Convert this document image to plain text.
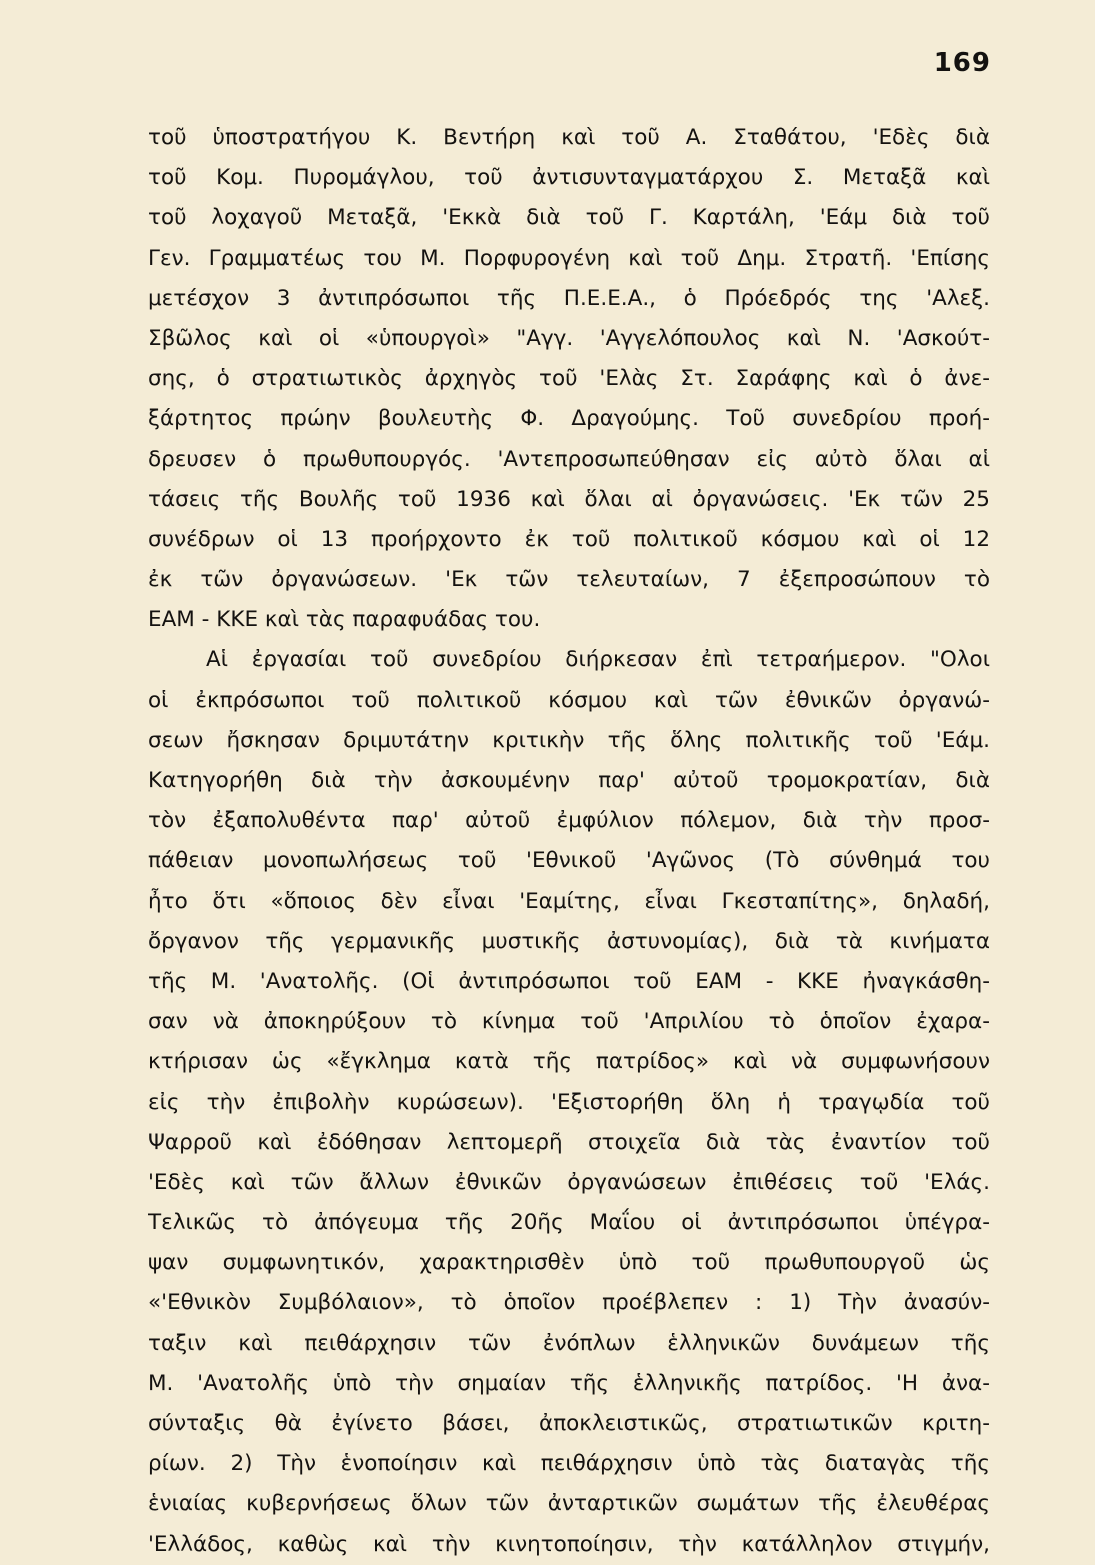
169
τοῦ ὑποστρατήγου Κ. Βεντήρη καὶ τοῦ Α. Σταθάτου, 'Εδὲς διὰ
τοῦ Κομ. Πυρομάγλου, τοῦ ἀντισυνταγματάρχου Σ. Μεταξᾶ καὶ
τοῦ λοχαγοῦ Μεταξᾶ, 'Εκκὰ διὰ τοῦ Γ. Καρτάλη, 'Εάμ διὰ τοῦ
Γεν. Γραμματέως του Μ. Πορφυρογένη καὶ τοῦ Δημ. Στρατῆ. 'Επίσης
μετέσχον 3 ἀντιπρόσωποι τῆς Π.Ε.Ε.Α., ὁ Πρόεδρός της 'Αλεξ.
Σβῶλος καὶ οἱ «ὑπουργοὶ» "Αγγ. 'Αγγελόπουλος καὶ Ν. 'Ασκούτ-
σης, ὁ στρατιωτικὸς ἀρχηγὸς τοῦ 'Ελὰς Στ. Σαράφης καὶ ὁ ἀνε-
ξάρτητος πρώην βουλευτὴς Φ. Δραγούμης. Τοῦ συνεδρίου προή-
δρευσεν ὁ πρωθυπουργός. 'Αντεπροσωπεύθησαν εἰς αὐτὸ ὅλαι αἱ
τάσεις τῆς Βουλῆς τοῦ 1936 καὶ ὅλαι αἱ ὀργανώσεις. 'Εκ τῶν 25
συνέδρων οἱ 13 προήρχοντο ἐκ τοῦ πολιτικοῦ κόσμου καὶ οἱ 12
ἐκ τῶν ὀργανώσεων. 'Εκ τῶν τελευταίων, 7 ἐξεπροσώπουν τὸ
ΕΑΜ - ΚΚΕ καὶ τὰς παραφυάδας του.
Αἱ ἐργασίαι τοῦ συνεδρίου διήρκεσαν ἐπὶ τετραήμερον. "Ολοι
οἱ ἐκπρόσωποι τοῦ πολιτικοῦ κόσμου καὶ τῶν ἐθνικῶν ὀργανώ-
σεων ἤσκησαν δριμυτάτην κριτικὴν τῆς ὅλης πολιτικῆς τοῦ 'Εάμ.
Κατηγορήθη διὰ τὴν ἀσκουμένην παρ' αὐτοῦ τρομοκρατίαν, διὰ
τὸν ἐξαπολυθέντα παρ' αὐτοῦ ἐμφύλιον πόλεμον, διὰ τὴν προσ-
πάθειαν μονοπωλήσεως τοῦ 'Εθνικοῦ 'Αγῶνος (Τὸ σύνθημά του
ἦτο ὅτι «ὅποιος δὲν εἶναι 'Εαμίτης, εἶναι Γκεσταπίτης», δηλαδή,
ὄργανον τῆς γερμανικῆς μυστικῆς ἀστυνομίας), διὰ τὰ κινήματα
τῆς Μ. 'Ανατολῆς. (Οἱ ἀντιπρόσωποι τοῦ ΕΑΜ - ΚΚΕ ἠναγκάσθη-
σαν νὰ ἀποκηρύξουν τὸ κίνημα τοῦ 'Απριλίου τὸ ὁποῖον ἐχαρα-
κτήρισαν ὡς «ἔγκλημα κατὰ τῆς πατρίδος» καὶ νὰ συμφωνήσουν
εἰς τὴν ἐπιβολὴν κυρώσεων). 'Εξιστορήθη ὅλη ἡ τραγῳδία τοῦ
Ψαρροῦ καὶ ἐδόθησαν λεπτομερῆ στοιχεῖα διὰ τὰς ἐναντίον τοῦ
'Εδὲς καὶ τῶν ἄλλων ἐθνικῶν ὀργανώσεων ἐπιθέσεις τοῦ 'Ελάς.
Τελικῶς τὸ ἀπόγευμα τῆς 20ῆς Μαΐου οἱ ἀντιπρόσωποι ὑπέγρα-
ψαν συμφωνητικόν, χαρακτηρισθὲν ὑπὸ τοῦ πρωθυπουργοῦ ὡς
«'Εθνικὸν Συμβόλαιον», τὸ ὁποῖον προέβλεπεν : 1) Τὴν ἀνασύν-
ταξιν καὶ πειθάρχησιν τῶν ἐνόπλων ἑλληνικῶν δυνάμεων τῆς
Μ. 'Ανατολῆς ὑπὸ τὴν σημαίαν τῆς ἑλληνικῆς πατρίδος. 'Η ἀνα-
σύνταξις θὰ ἐγίνετο βάσει, ἀποκλειστικῶς, στρατιωτικῶν κριτη-
ρίων. 2) Τὴν ἑνοποίησιν καὶ πειθάρχησιν ὑπὸ τὰς διαταγὰς τῆς
ἑνιαίας κυβερνήσεως ὅλων τῶν ἀνταρτικῶν σωμάτων τῆς ἐλευθέρας
'Ελλάδος, καθὼς καὶ τὴν κινητοποίησιν, τὴν κατάλληλον στιγμήν,
